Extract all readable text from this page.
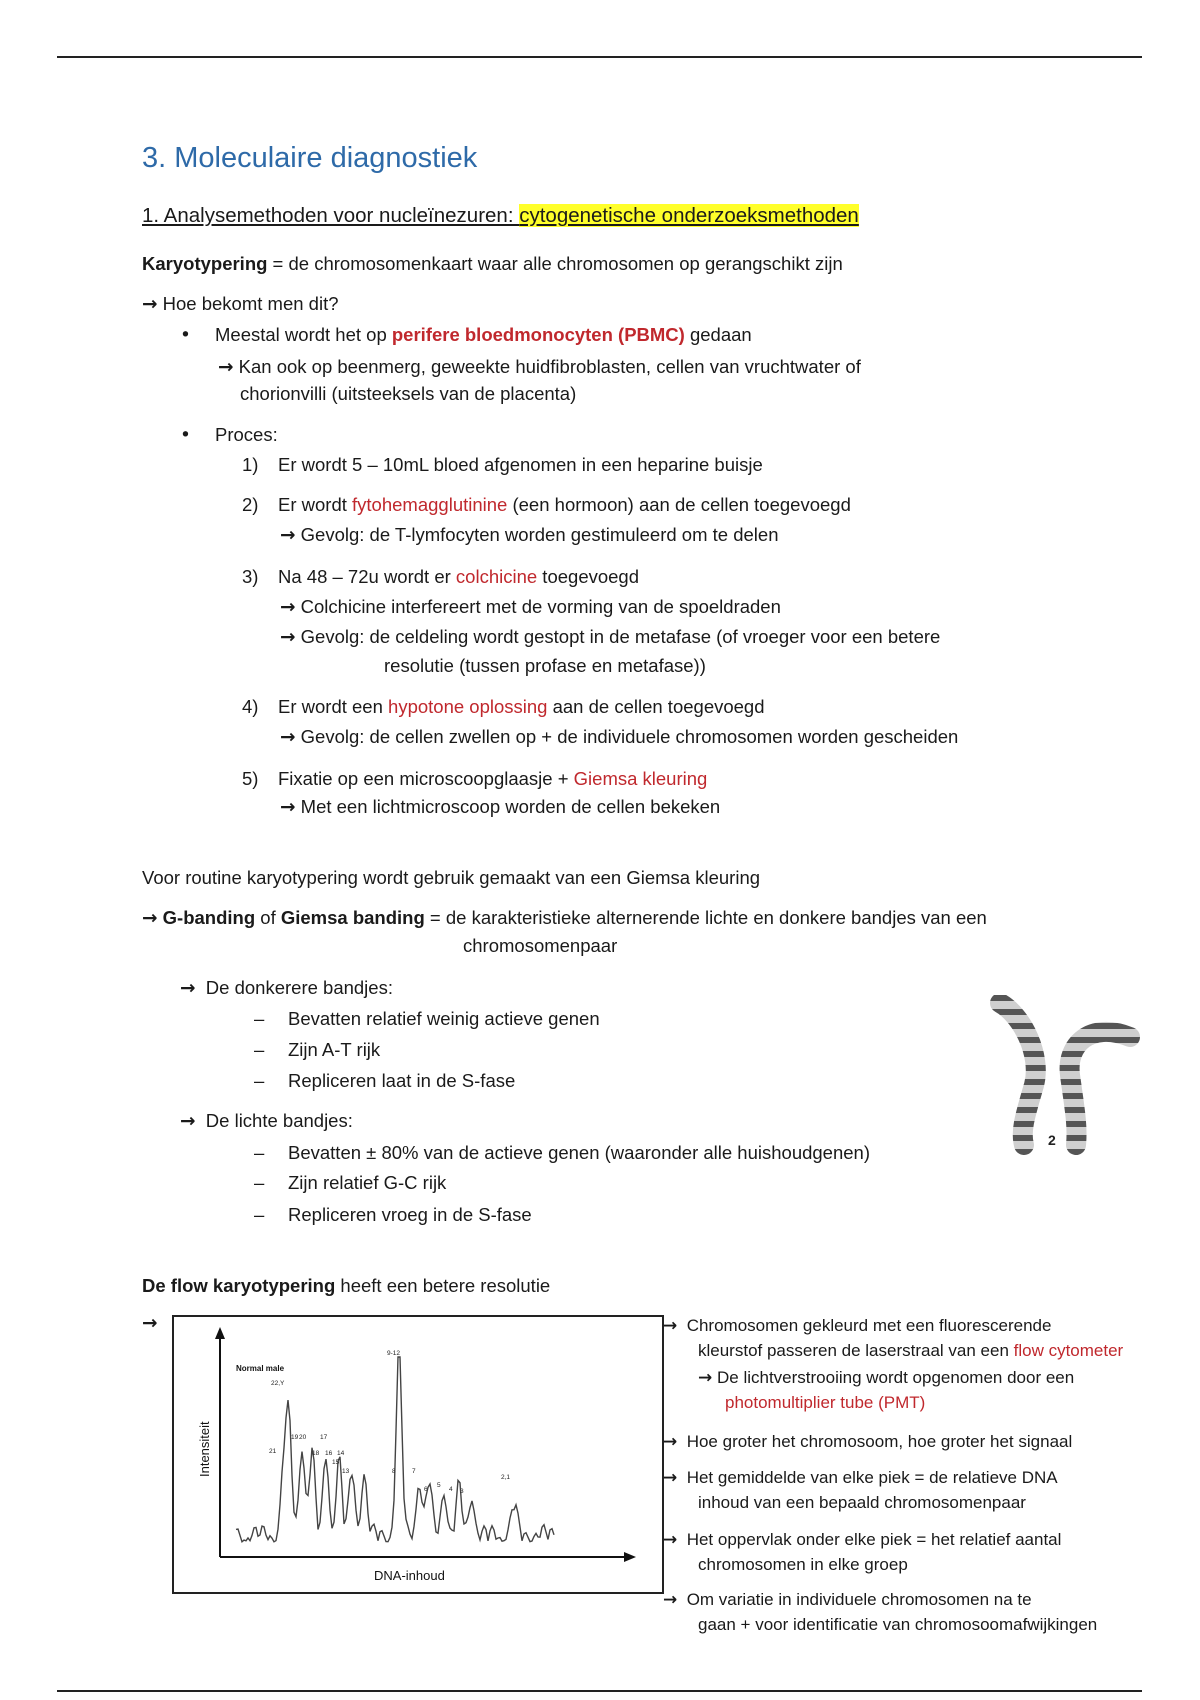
3. Moleculaire diagnostiek
1. Analysemethoden voor nucleïnezuren: cytogenetische onderzoeksmethoden
Karyotypering = de chromosomenkaart waar alle chromosomen op gerangschikt zijn
→ Hoe bekomt men dit?
• Meestal wordt het op perifere bloedmonocyten (PBMC) gedaan
→ Kan ook op beenmerg, geweekte huidfibroblasten, cellen van vruchtwater of
chorionvilli (uitsteeksels van de placenta)
• Proces:
1) Er wordt 5 – 10mL bloed afgenomen in een heparine buisje
2) Er wordt fytohemagglutinine (een hormoon) aan de cellen toegevoegd
→ Gevolg: de T-lymfocyten worden gestimuleerd om te delen
3) Na 48 – 72u wordt er colchicine toegevoegd
→ Colchicine interfereert met de vorming van de spoeldraden
→ Gevolg: de celdeling wordt gestopt in de metafase (of vroeger voor een betere
resolutie (tussen profase en metafase))
4) Er wordt een hypotone oplossing aan de cellen toegevoegd
→ Gevolg: de cellen zwellen op + de individuele chromosomen worden gescheiden
5) Fixatie op een microscoopglaasje + Giemsa kleuring
→ Met een lichtmicroscoop worden de cellen bekeken
Voor routine karyotypering wordt gebruik gemaakt van een Giemsa kleuring
→ G-banding of Giemsa banding = de karakteristieke alternerende lichte en donkere bandjes van een
chromosomenpaar
→ De donkerere bandjes:
– Bevatten relatief weinig actieve genen
– Zijn A-T rijk
– Repliceren laat in de S-fase
→ De lichte bandjes:
– Bevatten ± 80% van de actieve genen (waaronder alle huishoudgenen)
– Zijn relatief G-C rijk
– Repliceren vroeg in de S-fase
2
De flow karyotypering heeft een betere resolutie
→
Normal male
DNA-inhoud
Intensiteit
9-12
22,Y
21
19 20 17
18 16 14
15
13	8	7
6
5
4 3
2,1
→ Chromosomen gekleurd met een fluorescerende
kleurstof passeren de laserstraal van een flow cytometer
→ De lichtverstrooiing wordt opgenomen door een
photomultiplier tube (PMT)
→ Hoe groter het chromosoom, hoe groter het signaal
→ Het gemiddelde van elke piek = de relatieve DNA
inhoud van een bepaald chromosomenpaar
→ Het oppervlak onder elke piek = het relatief aantal
chromosomen in elke groep
→ Om variatie in individuele chromosomen na te
gaan + voor identificatie van chromosoomafwijkingen
